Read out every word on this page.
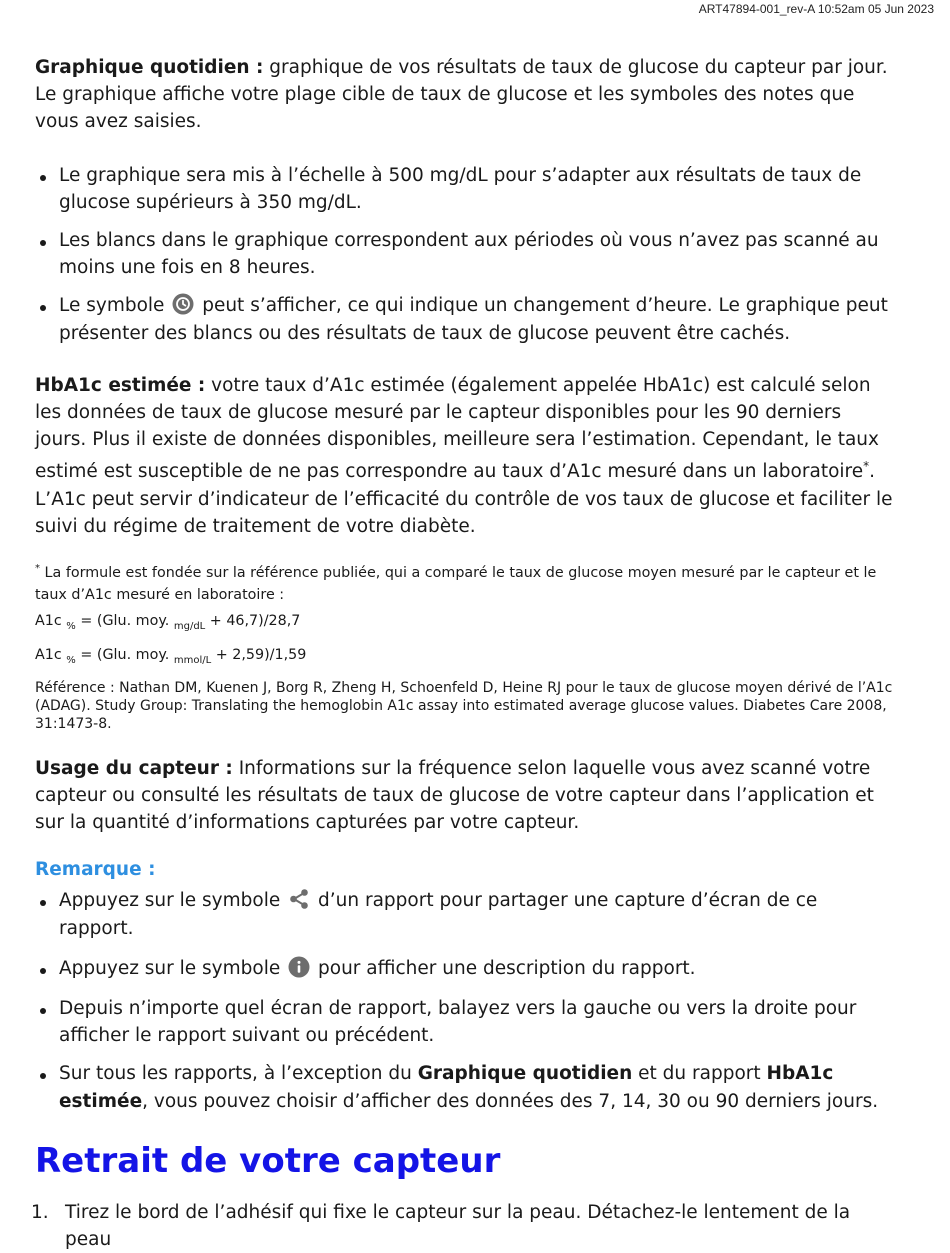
ART47894-001_rev-A 10:52am 05 Jun 2023

Graphique quotidien : graphique de vos résultats de taux de glucose du capteur par jour. Le graphique affiche votre plage cible de taux de glucose et les symboles des notes que vous avez saisies.

Le graphique sera mis à l’échelle à 500 mg/dL pour s’adapter aux résultats de taux de glucose supérieurs à 350 mg/dL.
Les blancs dans le graphique correspondent aux périodes où vous n’avez pas scanné au moins une fois en 8 heures.
Le symbole  peut s’afficher, ce qui indique un changement d’heure. Le graphique peut présenter des blancs ou des résultats de taux de glucose peuvent être cachés.

HbA1c estimée : votre taux d’A1c estimée (également appelée HbA1c) est calculé selon les données de taux de glucose mesuré par le capteur disponibles pour les 90 derniers jours. Plus il existe de données disponibles, meilleure sera l’estimation. Cependant, le taux estimé est susceptible de ne pas correspondre au taux d’A1c mesuré dans un laboratoire*. L’A1c peut servir d’indicateur de l’efficacité du contrôle de vos taux de glucose et faciliter le suivi du régime de traitement de votre diabète.

* La formule est fondée sur la référence publiée, qui a comparé le taux de glucose moyen mesuré par le capteur et le taux d’A1c mesuré en laboratoire :

A1c $_{\%}$ = (Glu. moy. $_{mg/dL}$ + 46,7)/28,7

A1c $_{\%}$ = (Glu. moy. $_{mmol/L}$ + 2,59)/1,59

Référence : Nathan DM, Kuenen J, Borg R, Zheng H, Schoenfeld D, Heine RJ pour le taux de glucose moyen dérivé de l’A1c (ADAG). Study Group: Translating the hemoglobin A1c assay into estimated average glucose values. Diabetes Care 2008, 31:1473-8.

Usage du capteur : Informations sur la fréquence selon laquelle vous avez scanné votre capteur ou consulté les résultats de taux de glucose de votre capteur dans l’application et sur la quantité d’informations capturées par votre capteur.

Remarque :

Appuyez sur le symbole  d’un rapport pour partager une capture d’écran de ce rapport.
Appuyez sur le symbole  pour afficher une description du rapport.
Depuis n’importe quel écran de rapport, balayez vers la gauche ou vers la droite pour afficher le rapport suivant ou précédent.
Sur tous les rapports, à l’exception du Graphique quotidien et du rapport HbA1c estimée, vous pouvez choisir d’afficher des données des 7, 14, 30 ou 90 derniers jours.
Retrait de votre capteur
1. Tirez le bord de l’adhésif qui fixe le capteur sur la peau. Détachez-le lentement de la peau
